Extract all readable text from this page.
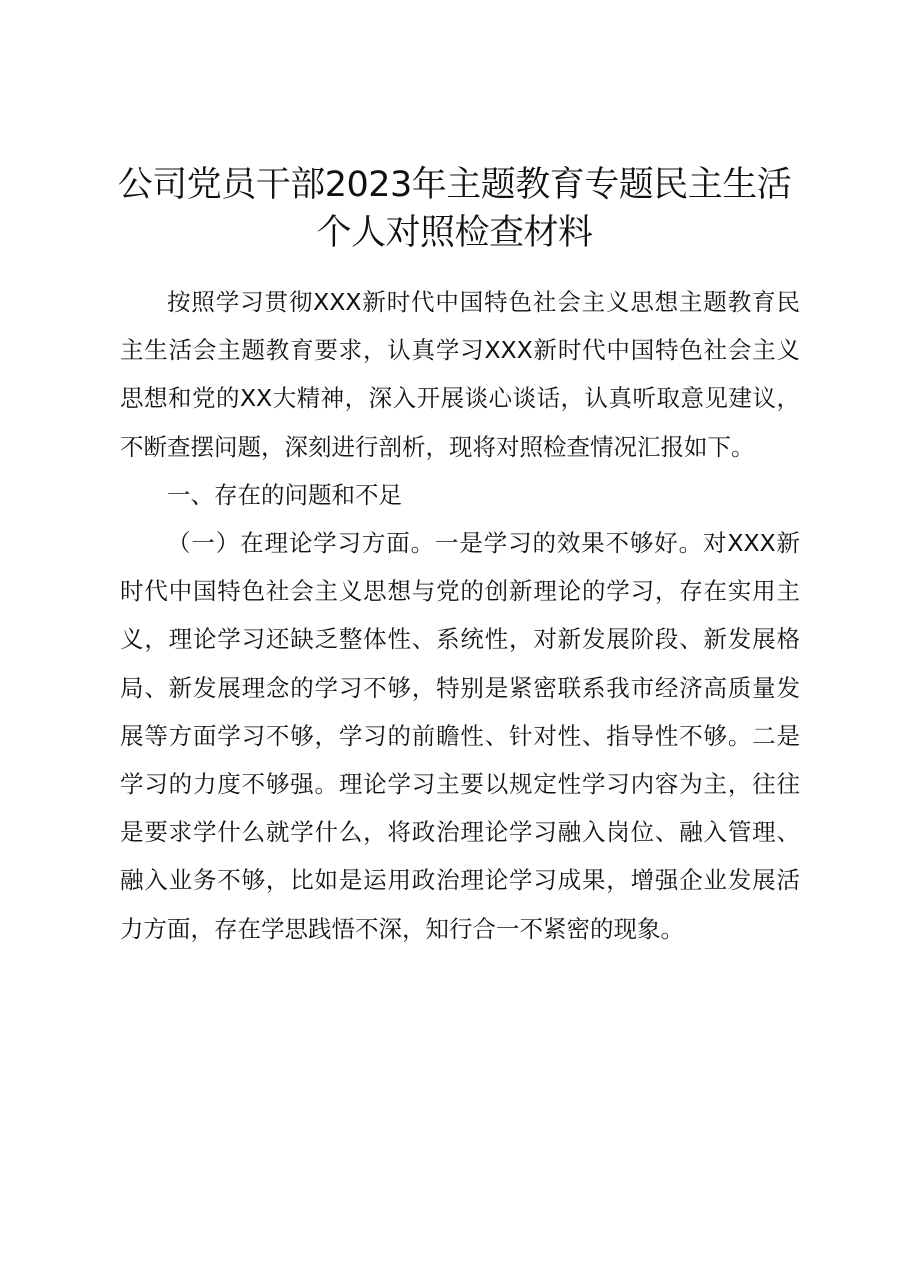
公司党员干部2023年主题教育专题民主生活
个人对照检查材料

按照学习贯彻XXX新时代中国特色社会主义思想主题教育民主生活会主题教育要求，认真学习XXX新时代中国特色社会主义思想和党的XX大精神，深入开展谈心谈话，认真听取意见建议，不断查摆问题，深刻进行剖析，现将对照检查情况汇报如下。

一、存在的问题和不足

（一）在理论学习方面。一是学习的效果不够好。对XXX新时代中国特色社会主义思想与党的创新理论的学习，存在实用主义，理论学习还缺乏整体性、系统性，对新发展阶段、新发展格局、新发展理念的学习不够，特别是紧密联系我市经济高质量发展等方面学习不够，学习的前瞻性、针对性、指导性不够。二是学习的力度不够强。理论学习主要以规定性学习内容为主，往往是要求学什么就学什么，将政治理论学习融入岗位、融入管理、融入业务不够，比如是运用政治理论学习成果，增强企业发展活力方面，存在学思践悟不深，知行合一不紧密的现象。
